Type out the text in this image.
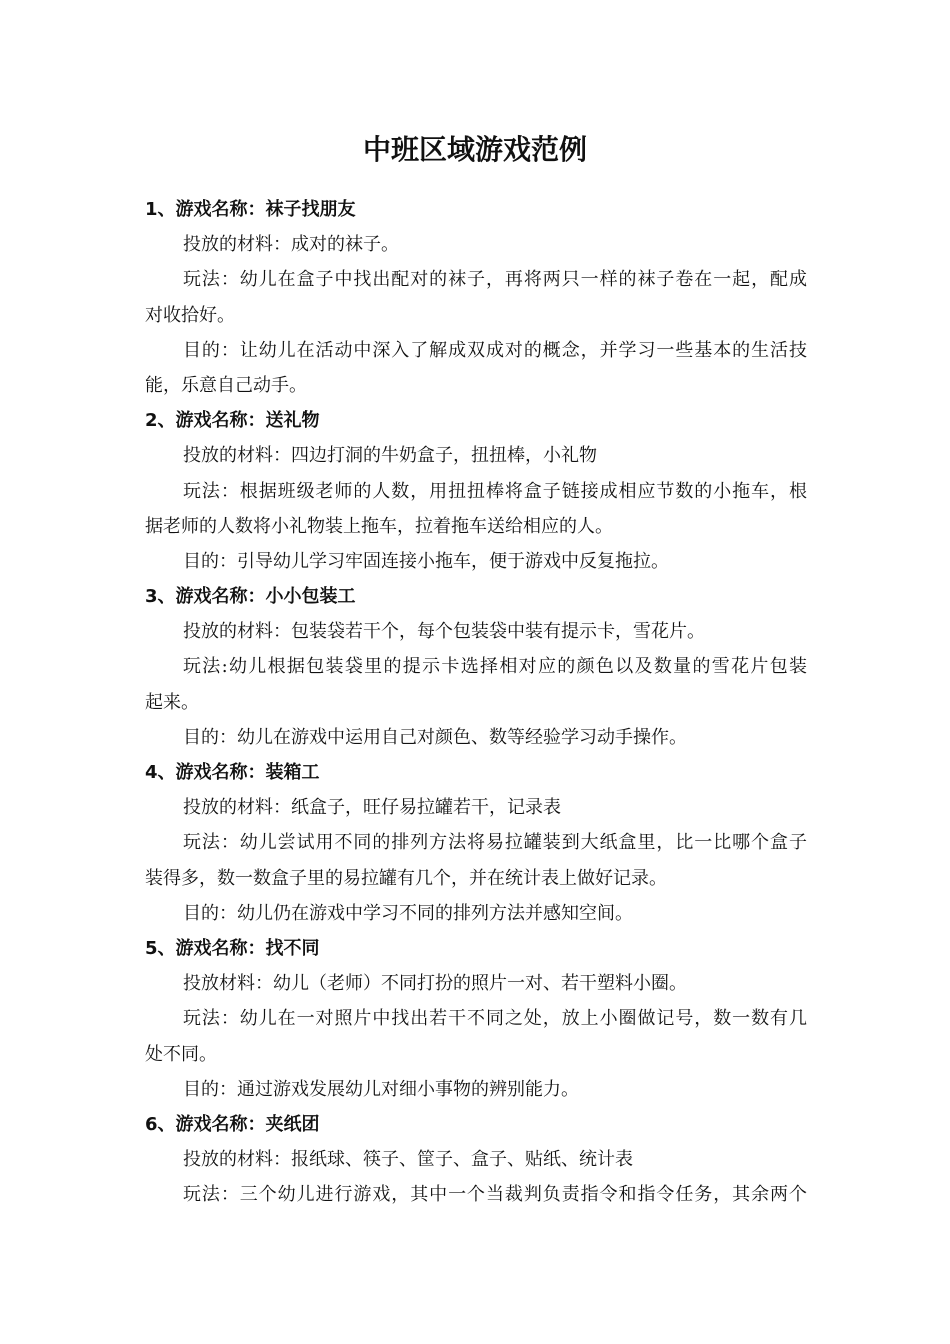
中班区域游戏范例

1、游戏名称：袜子找朋友

投放的材料：成对的袜子。

玩法：幼儿在盒子中找出配对的袜子，再将两只一样的袜子卷在一起，配成

对收拾好。

目的：让幼儿在活动中深入了解成双成对的概念，并学习一些基本的生活技

能，乐意自己动手。

2、游戏名称：送礼物

投放的材料：四边打洞的牛奶盒子，扭扭棒，小礼物

玩法：根据班级老师的人数，用扭扭棒将盒子链接成相应节数的小拖车，根

据老师的人数将小礼物装上拖车，拉着拖车送给相应的人。

目的：引导幼儿学习牢固连接小拖车，便于游戏中反复拖拉。

3、游戏名称：小小包装工

投放的材料：包装袋若干个，每个包装袋中装有提示卡，雪花片。

玩法:幼儿根据包装袋里的提示卡选择相对应的颜色以及数量的雪花片包装

起来。

目的：幼儿在游戏中运用自己对颜色、数等经验学习动手操作。

4、游戏名称：装箱工

投放的材料：纸盒子，旺仔易拉罐若干，记录表

玩法：幼儿尝试用不同的排列方法将易拉罐装到大纸盒里，比一比哪个盒子

装得多，数一数盒子里的易拉罐有几个，并在统计表上做好记录。

目的：幼儿仍在游戏中学习不同的排列方法并感知空间。

5、游戏名称：找不同

投放材料：幼儿（老师）不同打扮的照片一对、若干塑料小圈。

玩法：幼儿在一对照片中找出若干不同之处，放上小圈做记号，数一数有几

处不同。

目的：通过游戏发展幼儿对细小事物的辨别能力。

6、游戏名称：夹纸团

投放的材料：报纸球、筷子、筐子、盒子、贴纸、统计表

玩法：三个幼儿进行游戏，其中一个当裁判负责指令和指令任务，其余两个
